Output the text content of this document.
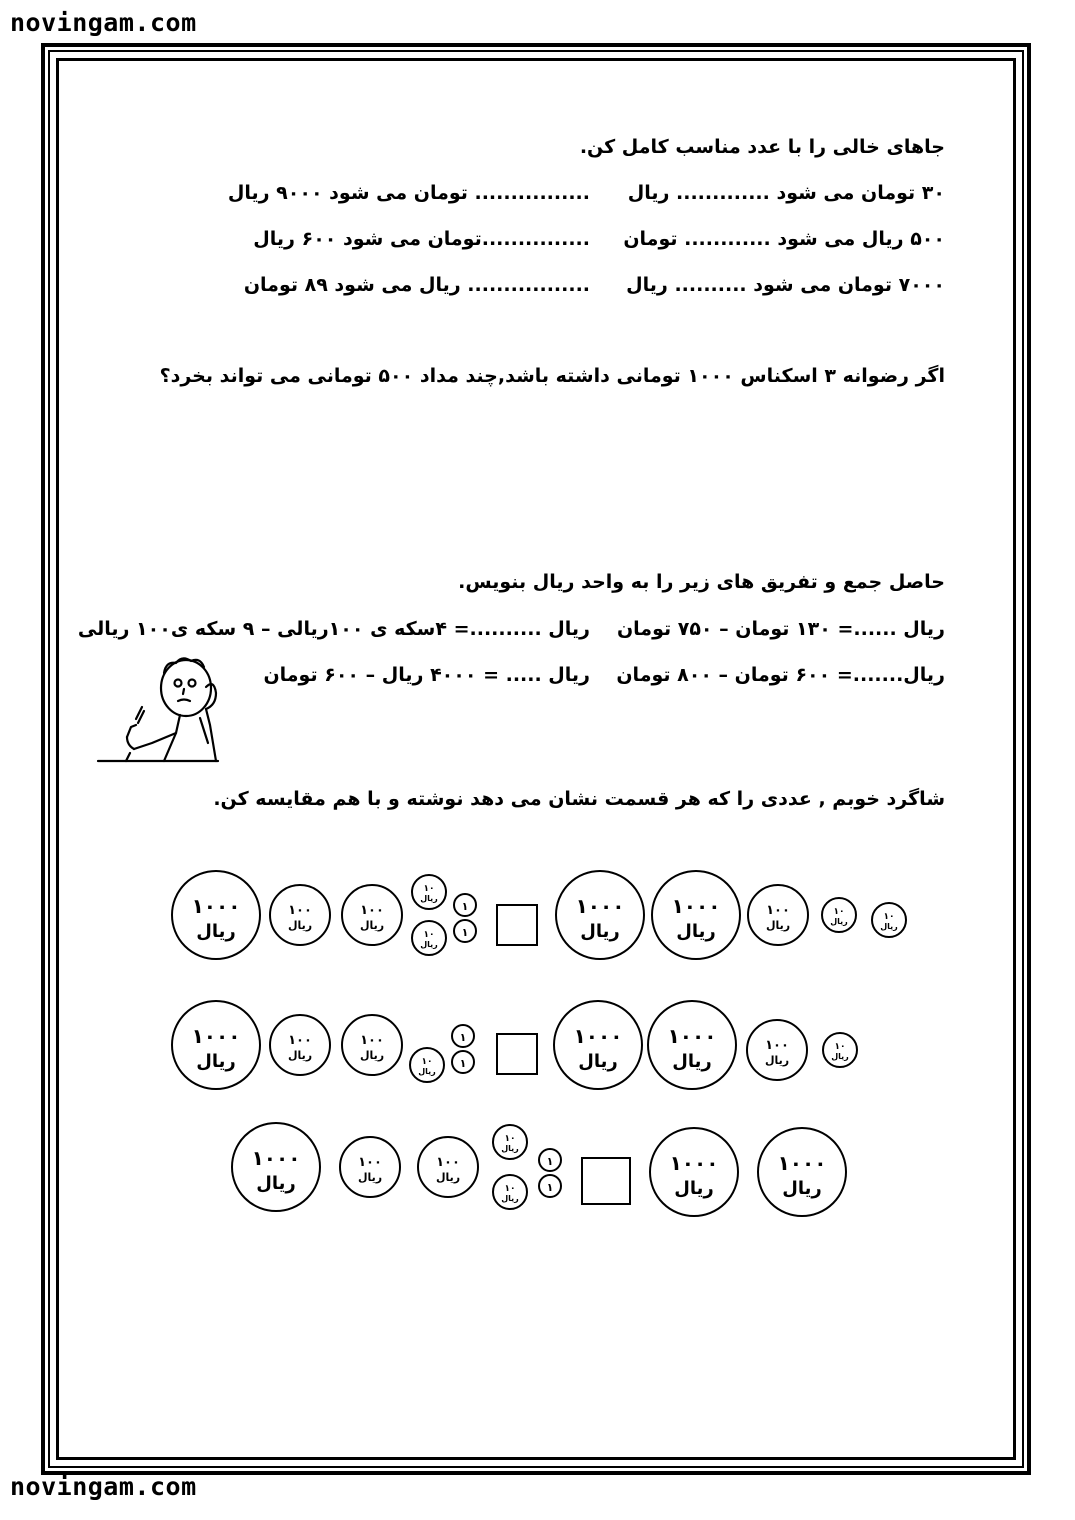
novingam.com
novingam.com
جاهای خالی را با عدد مناسب کامل کن.
۳۰ تومان می شود ............. ریال
................ تومان می شود ۹۰۰۰ ریال
۵۰۰ ریال می شود ............ تومان
...............تومان می شود ۶۰۰ ریال
۷۰۰۰ تومان می شود .......... ریال
................. ریال می شود ۸۹ تومان
اگر رضوانه ۳ اسکناس ۱۰۰۰ تومانی داشته باشد,چند مداد ۵۰۰ تومانی می تواند بخرد؟
حاصل جمع و تفریق های زیر را به واحد ریال بنویس.
ریال ......= ۱۳۰ تومان – ۷۵۰ تومان
ریال ..........= ۴سکه ی ۱۰۰ریالی – ۹ سکه ی۱۰۰ ریالی
ریال.......= ۶۰۰ تومان – ۸۰۰ تومان
ریال ..... = ۴۰۰۰ ریال – ۶۰۰ تومان
شاگرد خوبم , عددی را که هر قسمت نشان می دهد نوشته و با هم مقایسه کن.
ری
ری
ری
